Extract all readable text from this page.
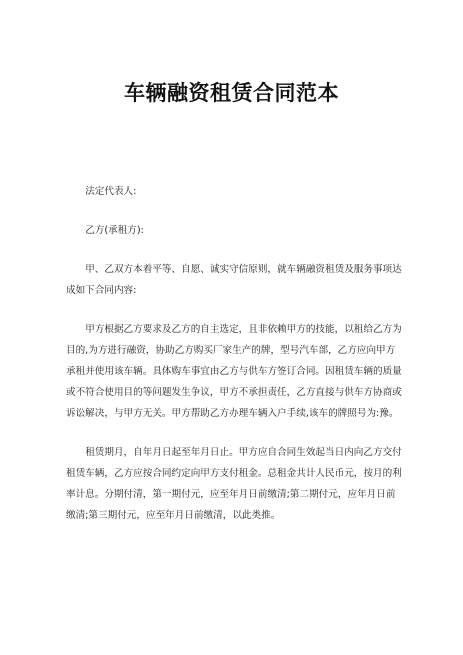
车辆融资租赁合同范本

法定代表人:

乙方(承租方):

甲、乙双方本着平等、自愿、诚实守信原则，就车辆融资租赁及服务事项达
成如下合同内容:

甲方根据乙方要求及乙方的自主选定，且非依赖甲方的技能，以租给乙方为
目的,为方进行融资，协助乙方购买厂家生产的牌，型号汽车部，乙方应向甲方
承租并使用该车辆。具体购车事宜由乙方与供车方签订合同。因租赁车辆的质量
或不符合使用目的等问题发生争议，甲方不承担责任，乙方直接与供车方协商或
诉讼解决，与甲方无关。甲方帮助乙方办理车辆入户手续,该车的牌照号为:豫。

租赁期月，自年月日起至年月日止。甲方应自合同生效起当日内向乙方交付
租赁车辆，乙方应按合同约定向甲方支付租金。总租金共计人民币元，按月的利
率计息。分期付清，第一期付元，应至年月日前缴清;第二期付元，应年月日前
缴清;第三期付元，应至年月日前缴清，以此类推。
